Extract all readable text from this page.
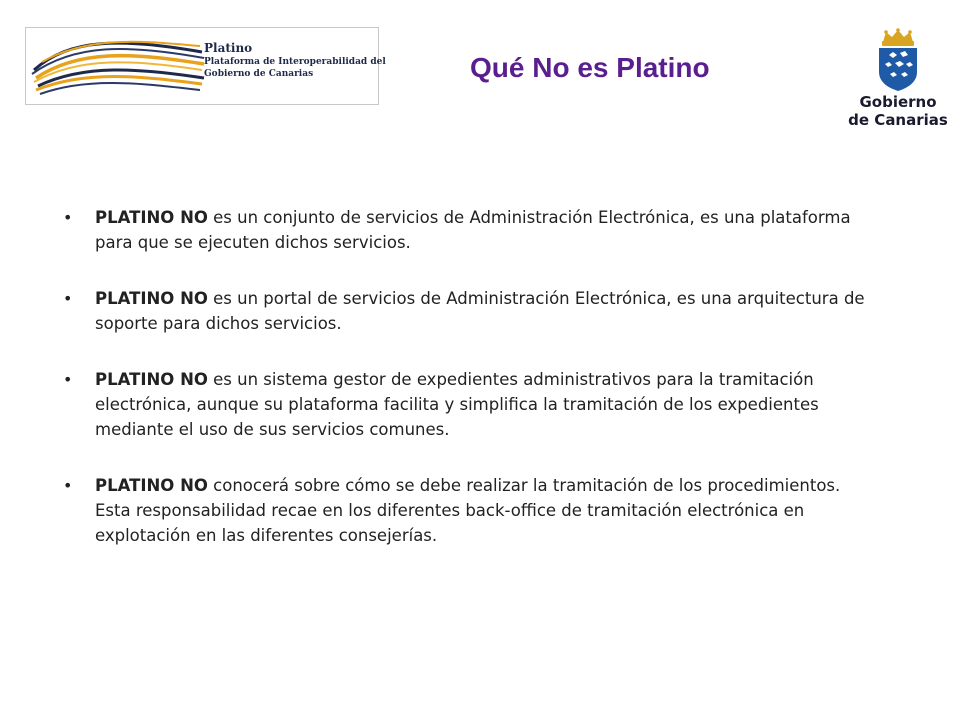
Platino
Plataforma de Interoperabilidad del
Gobierno de Canarias	Qué No es Platino
Gobierno
de Canarias
• PLATINO NO es un conjunto de servicios de Administración Electrónica, es una plataforma para que se ejecuten dichos servicios.
• PLATINO NO es un portal de servicios de Administración Electrónica, es una arquitectura de soporte para dichos servicios.
• PLATINO NO es un sistema gestor de expedientes administrativos para la tramitación electrónica, aunque su plataforma facilita y simplifica la tramitación de los expedientes mediante el uso de sus servicios comunes.
• PLATINO NO conocerá sobre cómo se debe realizar la tramitación de los procedimientos. Esta responsabilidad recae en los diferentes back-office de tramitación electrónica en explotación en las diferentes consejerías.
